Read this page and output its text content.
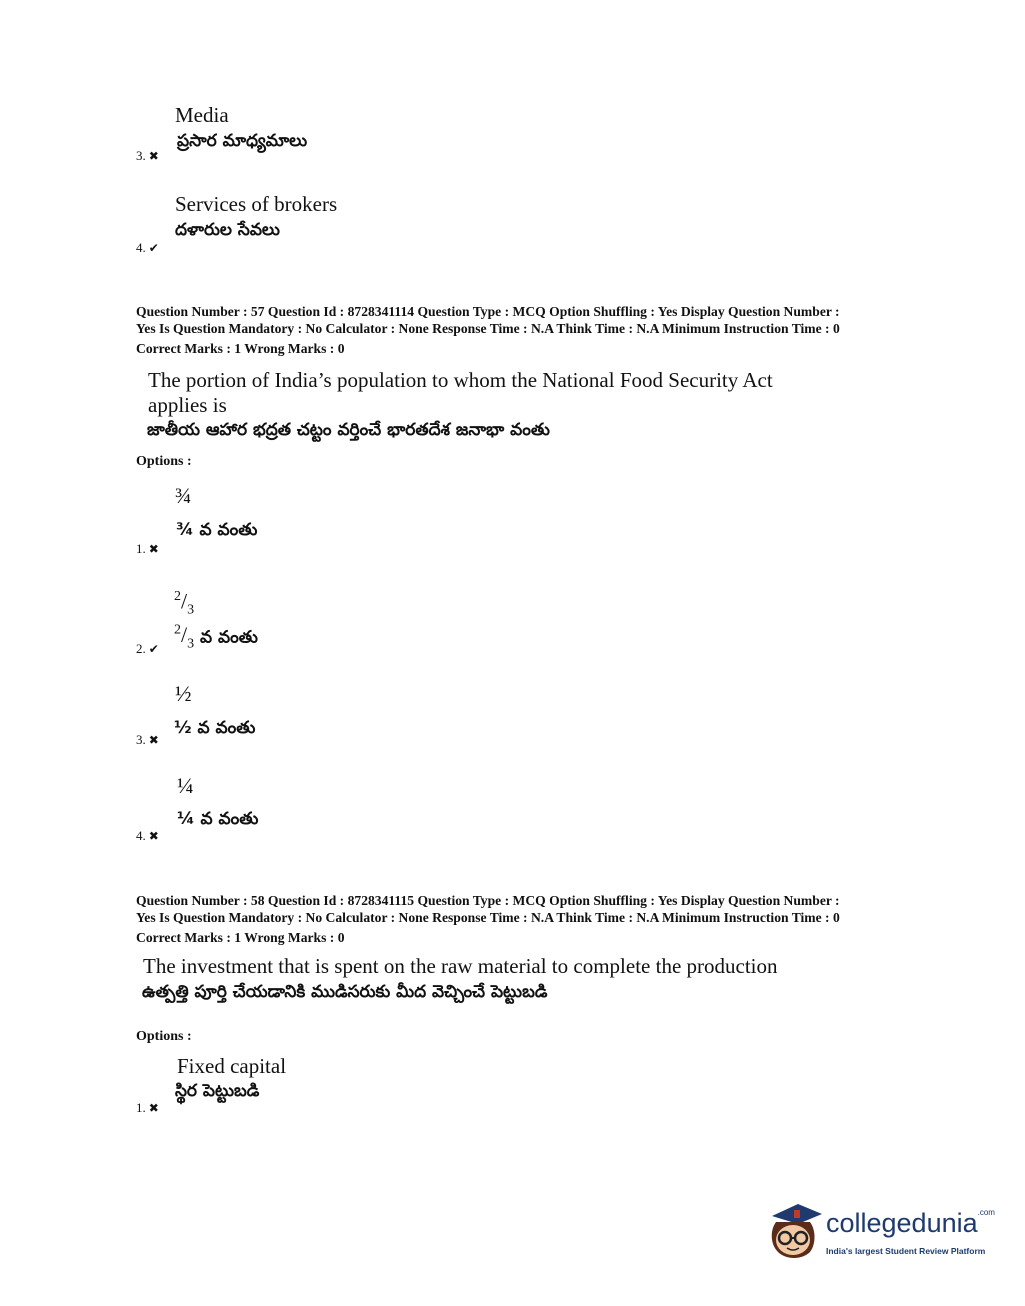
Media
ప్రసార మాధ్యమాలు
3. ✖
Services of brokers
దళారుల సేవలు
4. ✔
Question Number : 57 Question Id : 8728341114 Question Type : MCQ Option Shuffling : Yes Display Question Number :
Yes Is Question Mandatory : No Calculator : None Response Time : N.A Think Time : N.A Minimum Instruction Time : 0
Correct Marks : 1 Wrong Marks : 0
The portion of India’s population to whom the National Food Security Act
applies is
జాతీయ ఆహార భద్రత చట్టం వర్తించే భారతదేశ జనాభా వంతు
Options :
¾
¾ వ వంతు
1. ✖
$^2/_3$
$^2/_3$ వ వంతు
2. ✔
½
½ వ వంతు
3. ✖
¼
¼ వ వంతు
4. ✖
Question Number : 58 Question Id : 8728341115 Question Type : MCQ Option Shuffling : Yes Display Question Number :
Yes Is Question Mandatory : No Calculator : None Response Time : N.A Think Time : N.A Minimum Instruction Time : 0
Correct Marks : 1 Wrong Marks : 0
The investment that is spent on the raw material to complete the production
ఉత్పత్తి పూర్తి చేయడానికి ముడిసరుకు మీద వెచ్చించే పెట్టుబడి
Options :
Fixed capital
స్థిర పెట్టుబడి
1. ✖
collegedunia$^{.com}$
India's largest Student Review Platform
